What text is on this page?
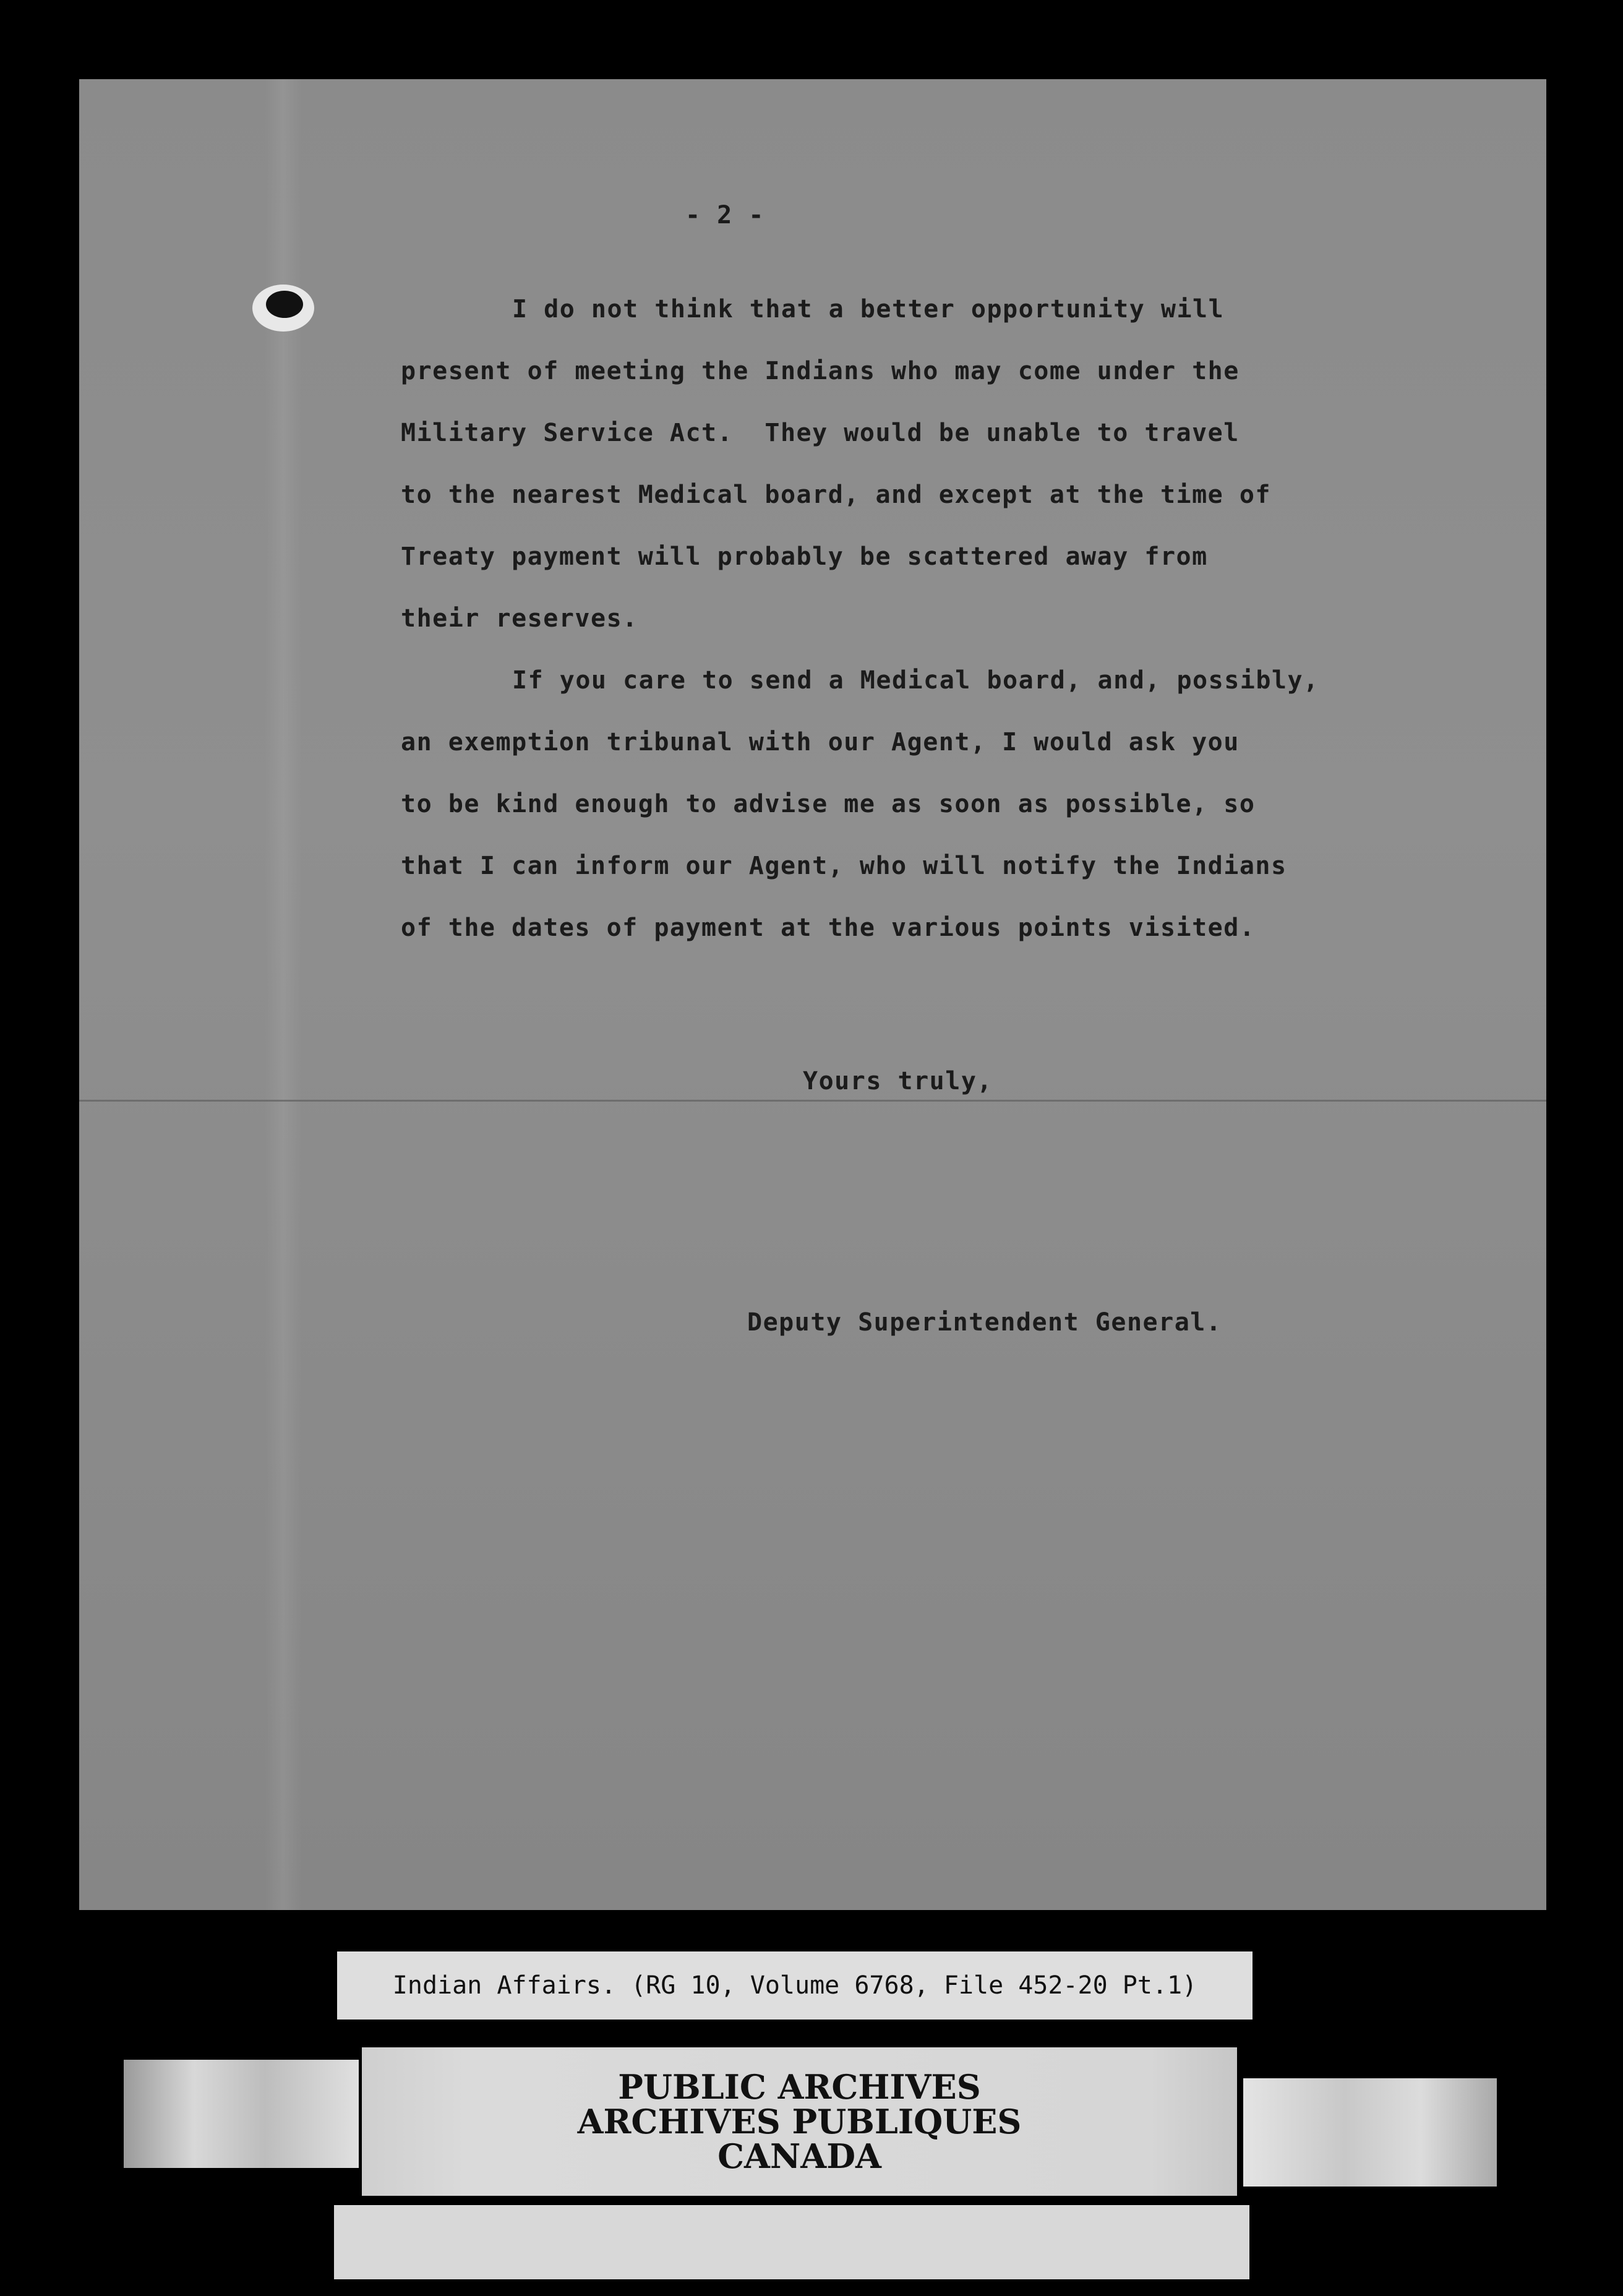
- 2 -
I do not think that a better opportunity will
present of meeting the Indians who may come under the
Military Service Act.  They would be unable to travel
to the nearest Medical board, and except at the time of
Treaty payment will probably be scattered away from
their reserves.
If you care to send a Medical board, and, possibly,
an exemption tribunal with our Agent, I would ask you
to be kind enough to advise me as soon as possible, so
that I can inform our Agent, who will notify the Indians
of the dates of payment at the various points visited.
Yours truly,
Deputy Superintendent General.
Indian Affairs. (RG 10, Volume 6768, File 452-20 Pt.1)
PUBLIC ARCHIVES
ARCHIVES PUBLIQUES
CANADA
